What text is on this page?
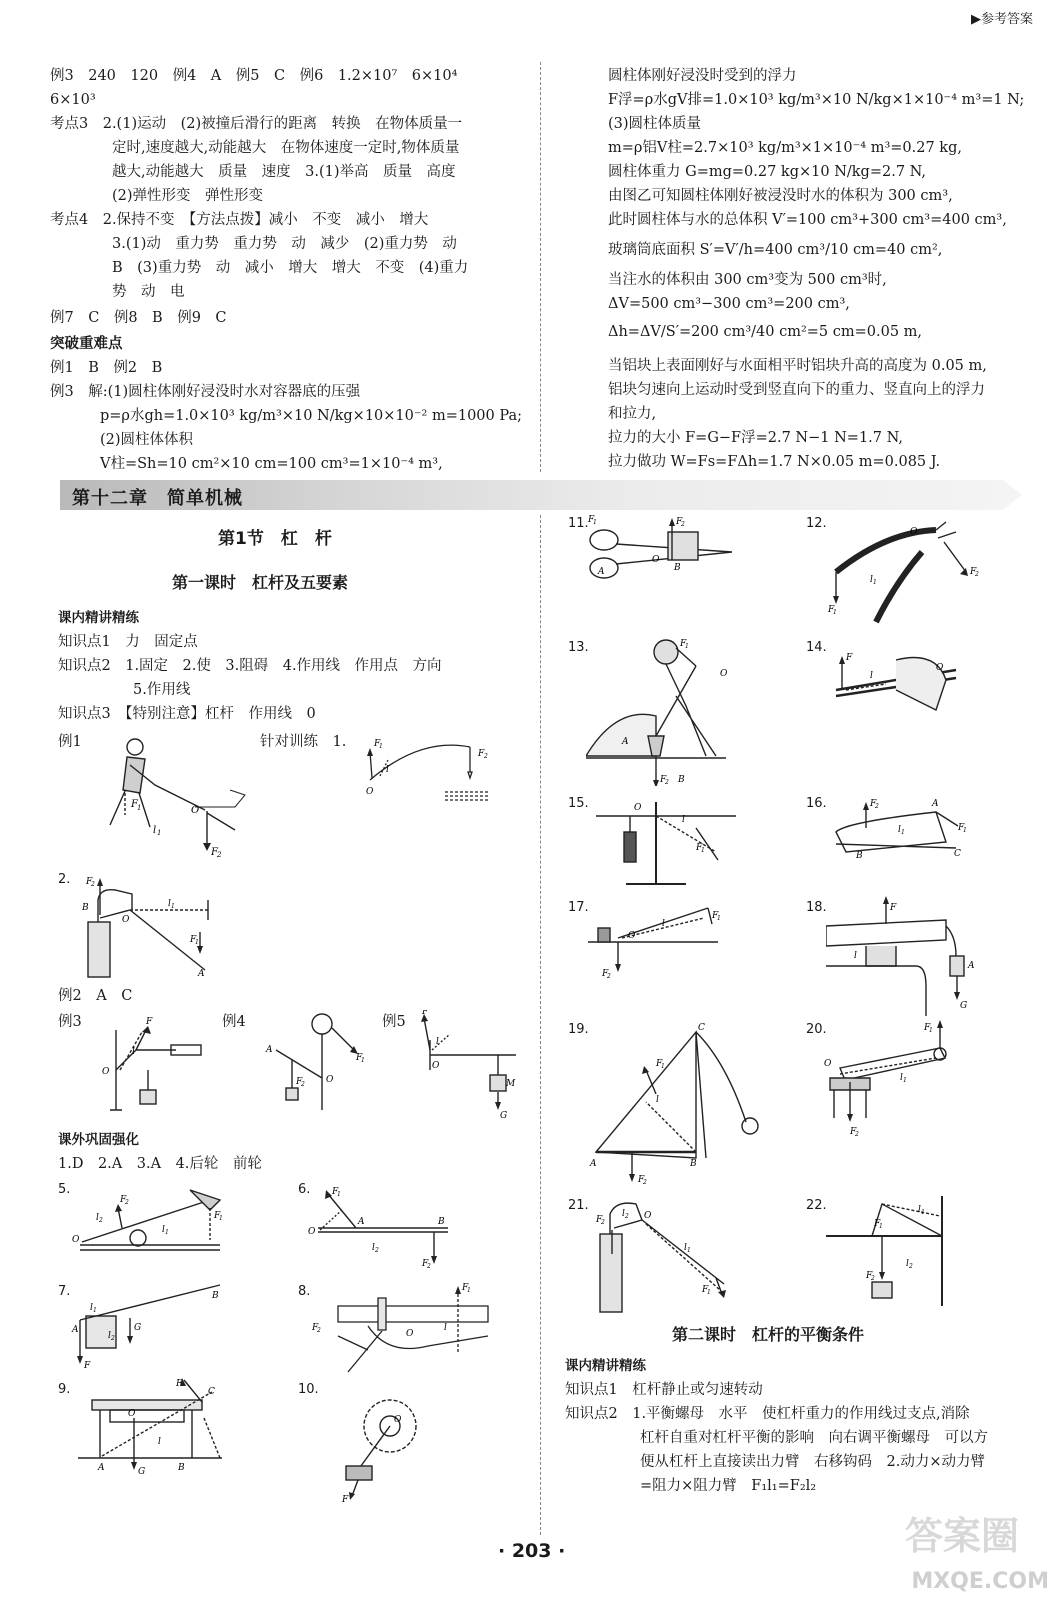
▶参考答案
例3　240　120　例4　A　例5　C　例6　1.2×10⁷　6×10⁴
6×10³
考点3　2.(1)运动　(2)被撞后滑行的距离　转换　在物体质量一
定时,速度越大,动能越大　在物体速度一定时,物体质量
越大,动能越大　质量　速度　3.(1)举高　质量　高度
(2)弹性形变　弹性形变
考点4　2.保持不变　【方法点拨】减小　不变　减小　增大
3.(1)动　重力势　重力势　动　减少　(2)重力势　动
B　(3)重力势　动　减小　增大　增大　不变　(4)重力
势　动　电
例7　C　例8　B　例9　C
突破重难点
例1　B　例2　B
例3　解:(1)圆柱体刚好浸没时水对容器底的压强
p=ρ水gh=1.0×10³ kg/m³×10 N/kg×10×10⁻² m=1000 Pa;
(2)圆柱体体积
V柱=Sh=10 cm²×10 cm=100 cm³=1×10⁻⁴ m³,
圆柱体刚好浸没时受到的浮力
F浮=ρ水gV排=1.0×10³ kg/m³×10 N/kg×1×10⁻⁴ m³=1 N;
(3)圆柱体质量
m=ρ铝V柱=2.7×10³ kg/m³×1×10⁻⁴ m³=0.27 kg,
圆柱体重力 G=mg=0.27 kg×10 N/kg=2.7 N,
由图乙可知圆柱体刚好被浸没时水的体积为 300 cm³,
此时圆柱体与水的总体积 V′=100 cm³+300 cm³=400 cm³,
玻璃筒底面积 S′=V′/h=400 cm³/10 cm=40 cm²,
当注水的体积由 300 cm³变为 500 cm³时,
ΔV=500 cm³−300 cm³=200 cm³,
Δh=ΔV/S′=200 cm³/40 cm²=5 cm=0.05 m,
当铝块上表面刚好与水面相平时铝块升高的高度为 0.05 m,
铝块匀速向上运动时受到竖直向下的重力、竖直向上的浮力
和拉力,
拉力的大小 F=G−F浮=2.7 N−1 N=1.7 N,
拉力做功 W=Fs=FΔh=1.7 N×0.05 m=0.085 J.
第十二章　简单机械
第1节　杠　杆
第一课时　杠杆及五要素
课内精讲精练
知识点1　力　固定点
知识点2　1.固定　2.使　3.阻碍　4.作用线　作用点　方向
5.作用线
知识点3　【特别注意】杠杆　作用线　0
例1	针对训练　1.
F 1	O
l 1
F 2
F
1
F 2
O
l
2. F
2
B
O
l 1
F
1
A
例2　A　C
例3	例4	例5
F
l
O
A
F
1
F
2 O
F
l
O
M
G
课外巩固强化
1.D　2.A　3.A　4.后轮　前轮
5.
F
2
l 2
O
l 1
F
1
6. F
1
O
A	B
l 2
F
2
7.
A
l 1
l 2
G
B
F
8.	F
1
F
2	O
l
9.	F
C
O
A	B
G
l
10.
O
F
11. F
1	F
2
A	B
O
12.
O
F
2
F
1
l 1
13.	F
1
A
B
F
2
O
14.
F
l
O
15.	O
F
1
l
16.	F
2	A
F
1
B	C
l 1
17.
F
1
F
2
O
l
18.	F
A
G
l
19.	C
F
1
A	B
F
2
l
20.	F
1
O
l 1
F
2
21.
F
2
l 2 O
l 1
F
1
22.
F
1
l 1
l 2
F
2
第二课时　杠杆的平衡条件
课内精讲精练
知识点1　杠杆静止或匀速转动
知识点2　1.平衡螺母　水平　使杠杆重力的作用线过支点,消除
杠杆自重对杠杆平衡的影响　向右调平衡螺母　可以方
便从杠杆上直接读出力臂　右移钩码　2.动力×动力臂
=阻力×阻力臂　F₁l₁=F₂l₂
· 203 ·	答案圈
MXQE.COM
